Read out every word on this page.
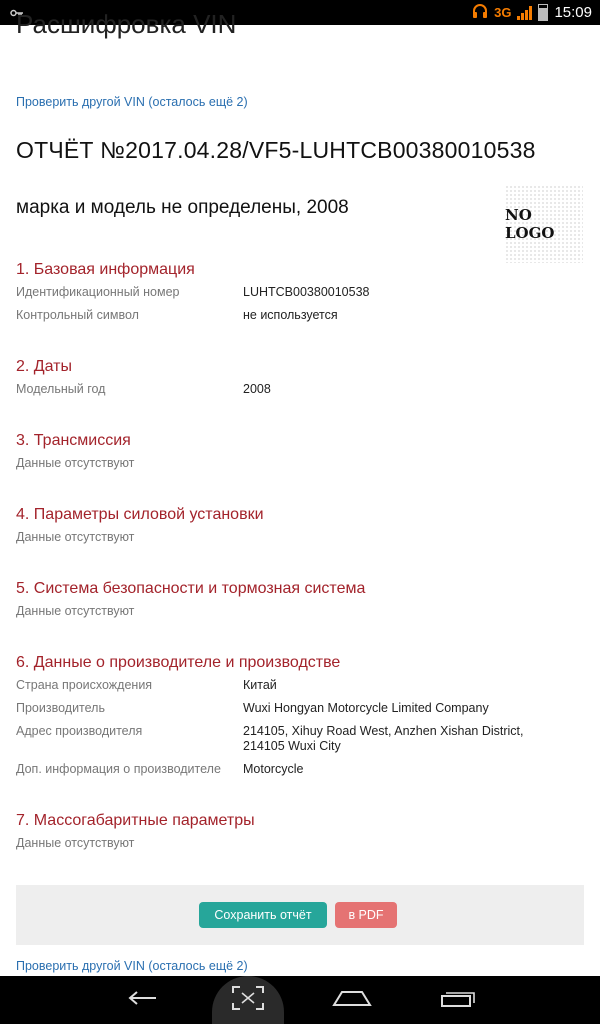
3G	15:09
Расшифровка VIN
Проверить другой VIN (осталось ещё 2)
ОТЧЁТ №2017.04.28/VF5-LUHTCB00380010538
марка и модель не определены, 2008	NO LOGO
1. Базовая информация
Идентификационный номер	LUHTCB00380010538
Контрольный символ	не используется
2. Даты
Модельный год	2008
3. Трансмиссия
Данные отсутствуют
4. Параметры силовой установки
Данные отсутствуют
5. Система безопасности и тормозная система
Данные отсутствуют
6. Данные о производителе и производстве
Страна происхождения	Китай
Производитель	Wuxi Hongyan Motorcycle Limited Company
Адрес производителя	214105, Xihuy Road West, Anzhen Xishan District, 214105 Wuxi City
Доп. информация о производителе	Motorcycle
7. Массогабаритные параметры
Данные отсутствуют
Сохранить отчёт	в PDF
Проверить другой VIN (осталось ещё 2)
